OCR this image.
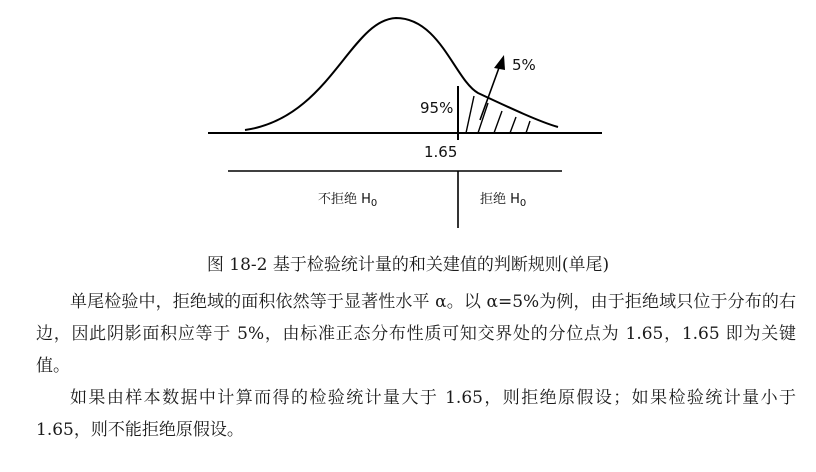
5%
95%
1.65
不拒绝 $H_0$	拒绝 $H_0$
图 18-2 基于检验统计量的和关建值的判断规则(单尾)

单尾检验中，拒绝域的面积依然等于显著性水平 α。以 α=5%为例，由于拒绝域只位于分布的右边，因此阴影面积应等于 5%，由标准正态分布性质可知交界处的分位点为 1.65，1.65 即为关键值。

如果由样本数据中计算而得的检验统计量大于 1.65，则拒绝原假设；如果检验统计量小于 1.65，则不能拒绝原假设。
